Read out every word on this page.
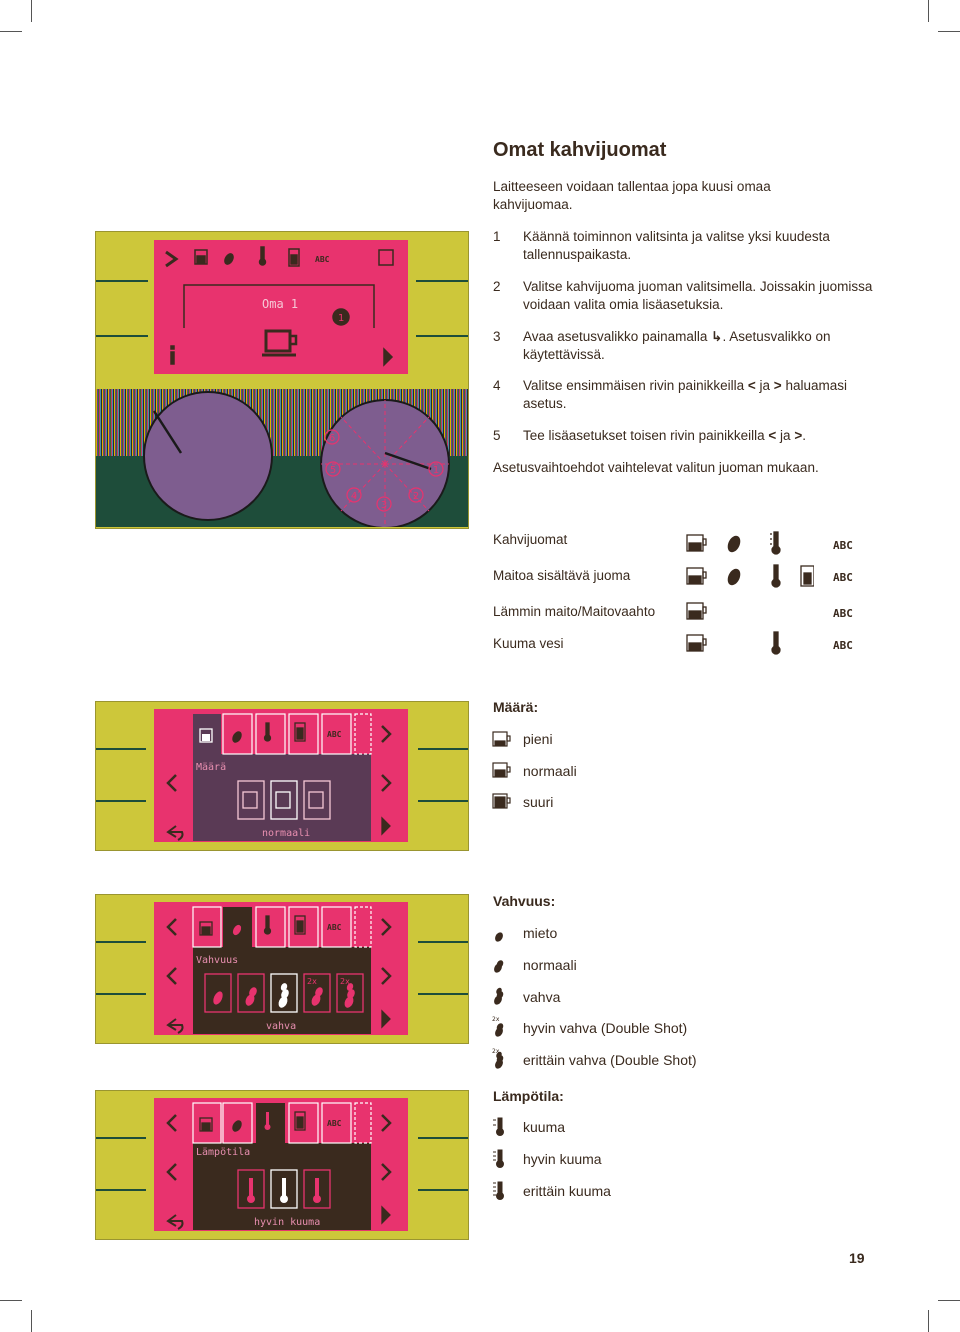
Omat kahvijuomat
Laitteeseen voidaan tallentaa jopa kuusi omaa kahvijuomaa.
1 Käännä toiminnon valitsinta ja valitse yksi kuudesta tallennuspaikasta.
2 Valitse kahvijuoma juoman valitsimella. Joissakin juomissa voidaan valita omia lisäasetuksia.
3 Avaa asetusvalikko painamalla ↳. Asetusvalikko on käytettävissä.
4 Valitse ensimmäisen rivin painikkeilla < ja > haluamasi asetus.
5 Tee lisäasetukset toisen rivin painikkeilla < ja >.
Asetusvaihtoehdot vaihtelevat valitun juoman mukaan.
Kahvijuomat
Maitoa sisältävä juoma
Lämmin maito/Maitovaahto
Kuuma vesi
ABC
ABC
ABC
ABC
Määrä:
pieni
normaali
suuri
Vahvuus:
mieto
normaali
vahva
hyvin vahva (Double Shot)
erittäin vahva (Double Shot)
2x
2x
Lämpötila:
kuuma
hyvin kuuma
erittäin kuuma
ABC
Oma 1
1
1
2
3
4
5
6
ABC
Määrä
normaali
2x	2x
ABC
Vahvuus
vahva
ABC
Lämpötila
hyvin kuuma
19
